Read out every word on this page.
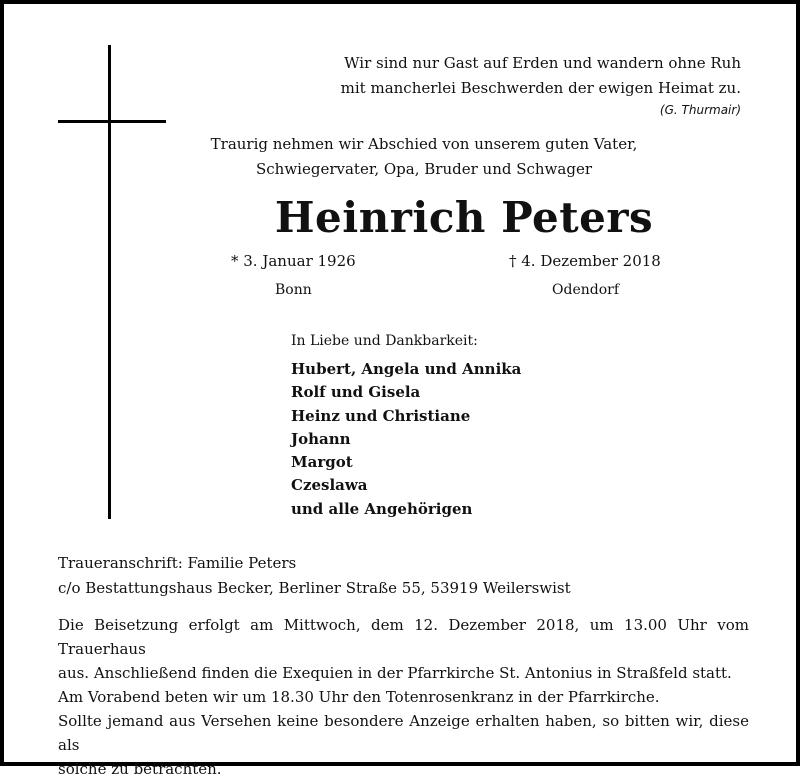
Wir sind nur Gast auf Erden und wandern ohne Ruh
mit mancherlei Beschwerden der ewigen Heimat zu.
(G. Thurmair)
Traurig nehmen wir Abschied von unserem guten Vater,
Schwiegervater, Opa, Bruder und Schwager
Heinrich Peters
* 3. Januar 1926	† 4. Dezember 2018
Bonn	Odendorf
In Liebe und Dankbarkeit:
Hubert, Angela und Annika
Rolf und Gisela
Heinz und Christiane
Johann
Margot
Czeslawa
und alle Angehörigen
Traueranschrift: Familie Peters
c/o Bestattungshaus Becker, Berliner Straße 55, 53919 Weilerswist

Die Beisetzung erfolgt am Mittwoch, dem 12. Dezember 2018, um 13.00 Uhr vom Trauerhaus

aus. Anschließend finden die Exequien in der Pfarrkirche St. Antonius in Straßfeld statt.

Am Vorabend beten wir um 18.30 Uhr den Totenrosenkranz in der Pfarrkirche.

Sollte jemand aus Versehen keine besondere Anzeige erhalten haben, so bitten wir, diese als

solche zu betrachten.
